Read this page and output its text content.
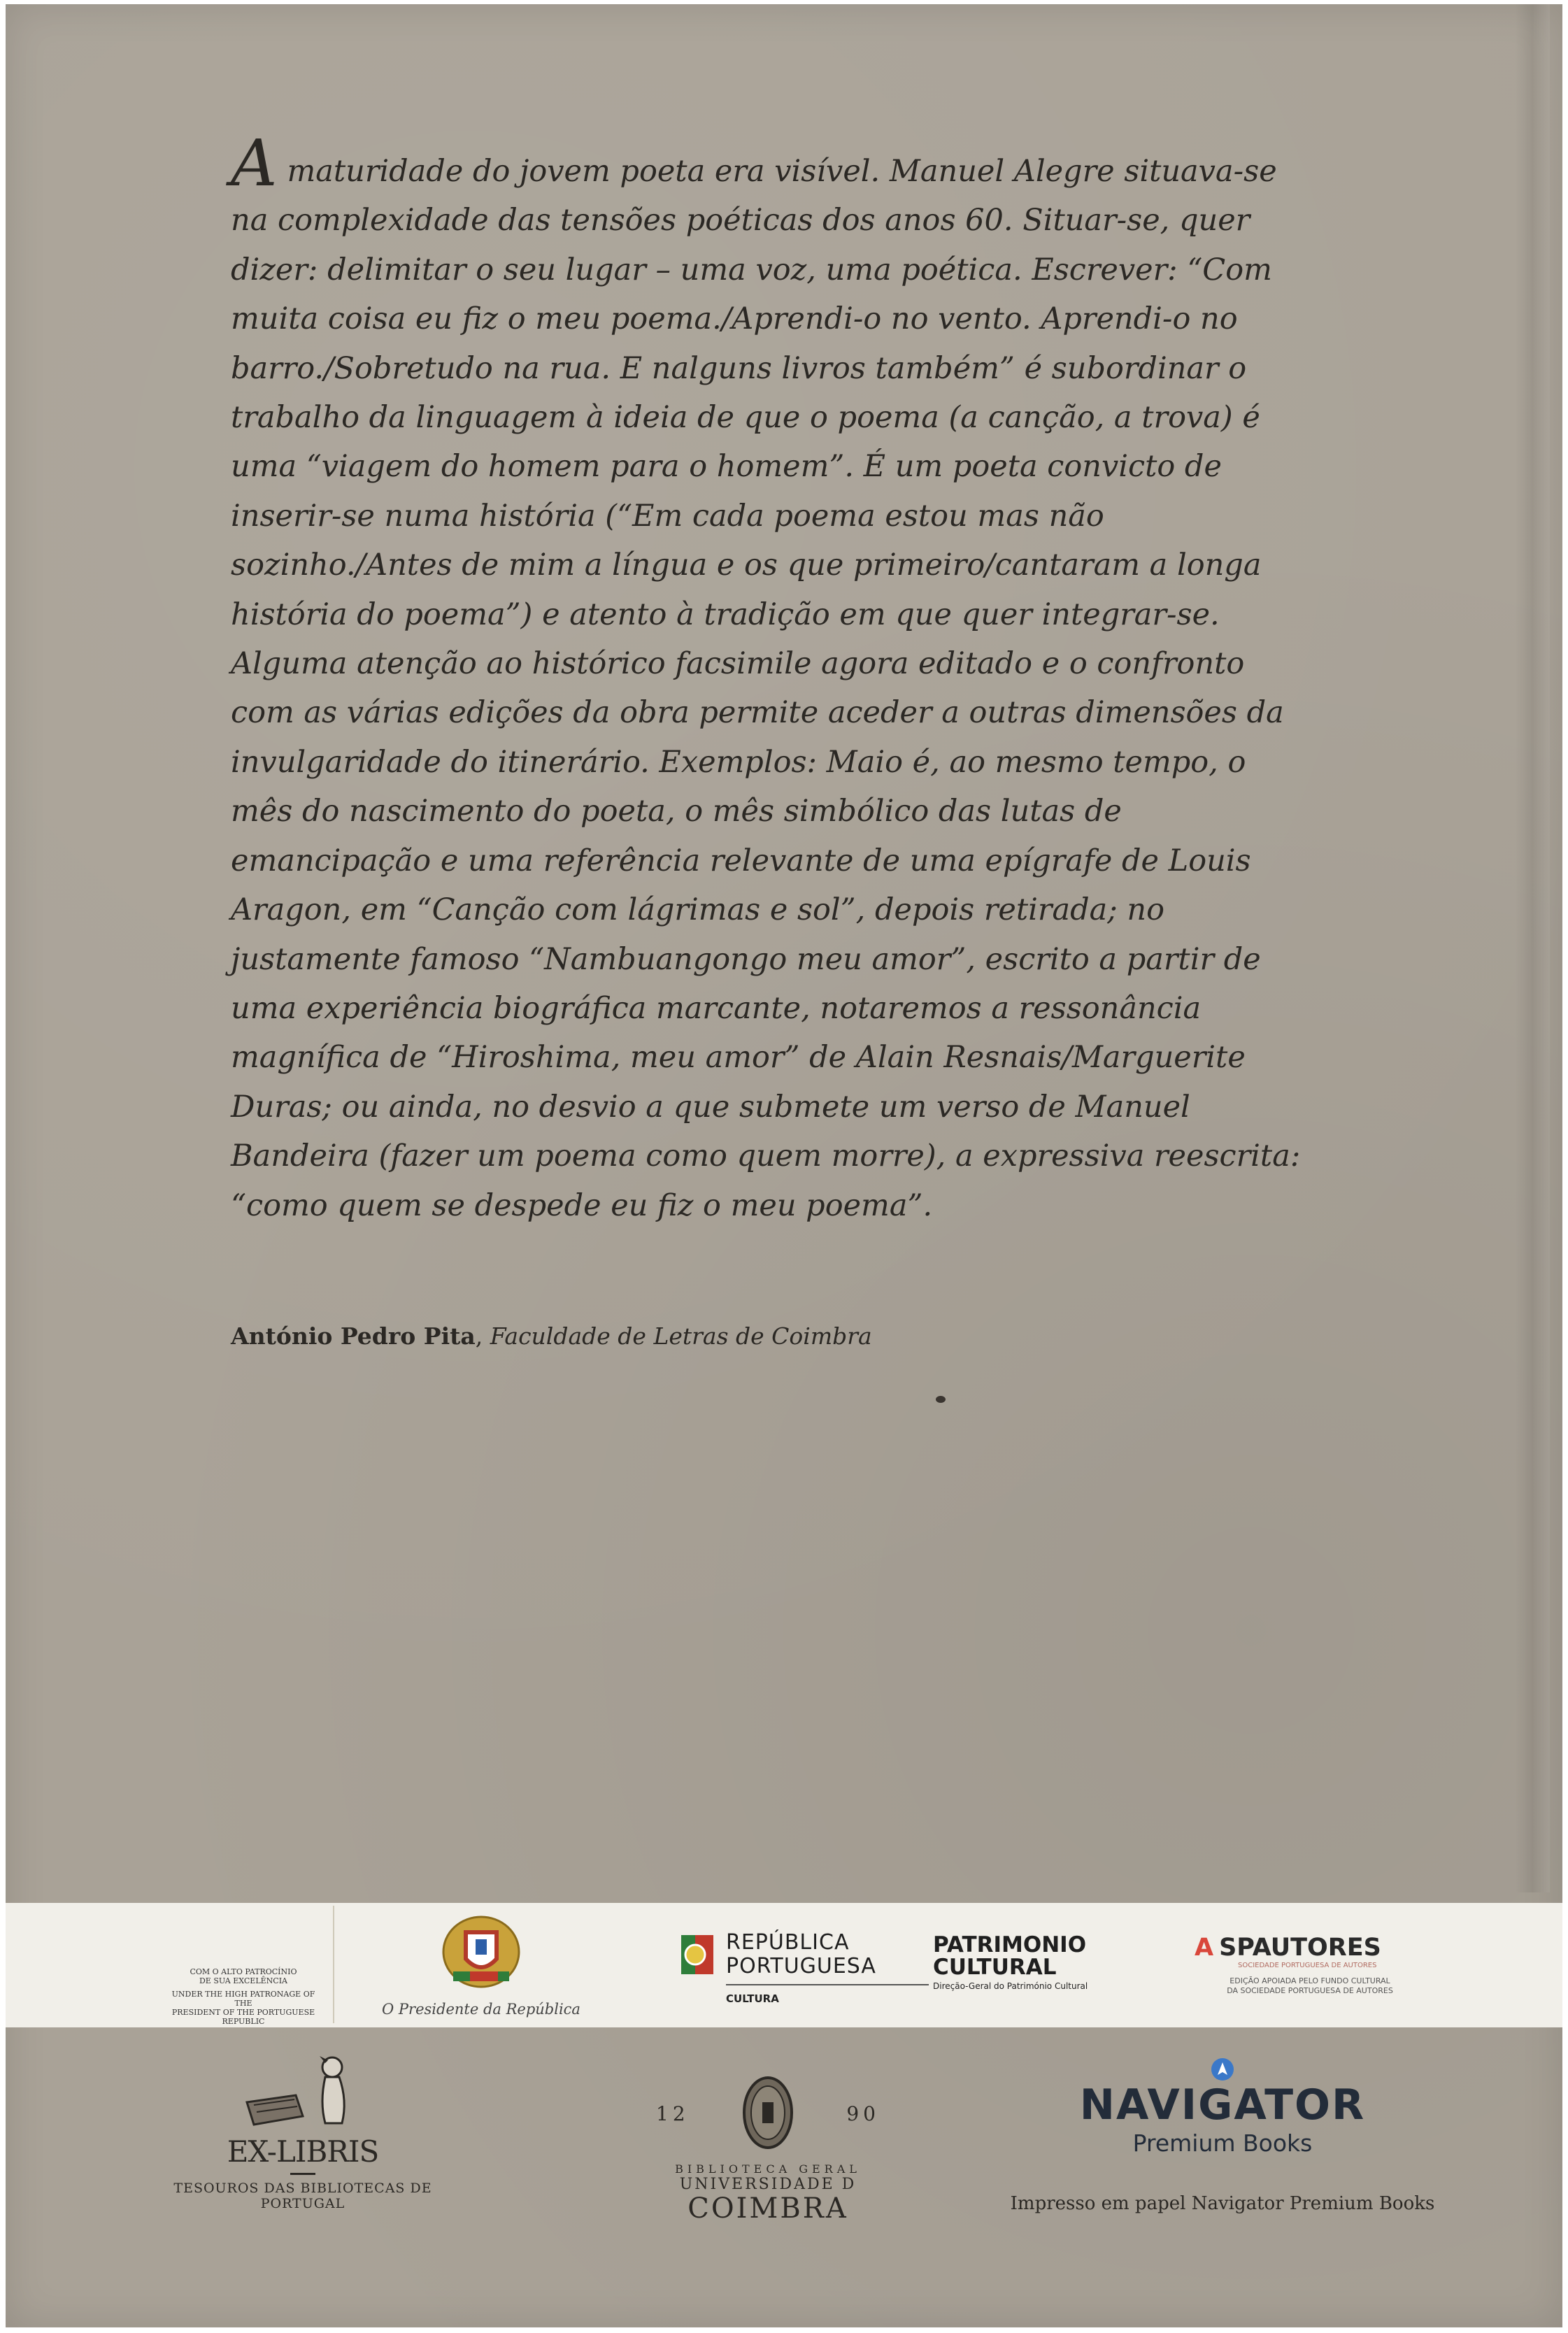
Amaturidade do jovem poeta era visível. Manuel Alegre situava-se
na complexidade das tensões poéticas dos anos 60. Situar-se, quer
dizer: delimitar o seu lugar – uma voz, uma poética. Escrever: “Com
muita coisa eu fiz o meu poema./Aprendi-o no vento. Aprendi-o no
barro./Sobretudo na rua. E nalguns livros também” é subordinar o
trabalho da linguagem à ideia de que o poema (a canção, a trova) é
uma “viagem do homem para o homem”. É um poeta convicto de
inserir-se numa história (“Em cada poema estou mas não
sozinho./Antes de mim a língua e os que primeiro/cantaram a longa
história do poema”) e atento à tradição em que quer integrar-se.
Alguma atenção ao histórico facsimile agora editado e o confronto
com as várias edições da obra permite aceder a outras dimensões da
invulgaridade do itinerário. Exemplos: Maio é, ao mesmo tempo, o
mês do nascimento do poeta, o mês simbólico das lutas de
emancipação e uma referência relevante de uma epígrafe de Louis
Aragon, em “Canção com lágrimas e sol”, depois retirada; no
justamente famoso “Nambuangongo meu amor”, escrito a partir de
uma experiência biográfica marcante, notaremos a ressonância
magnífica de “Hiroshima, meu amor” de Alain Resnais/Marguerite
Duras; ou ainda, no desvio a que submete um verso de Manuel
Bandeira (fazer um poema como quem morre), a expressiva reescrita:
“como quem se despede eu fiz o meu poema”.
António Pedro Pita, Faculdade de Letras de Coimbra
COM O ALTO PATROCÍNIO
DE SUA EXCELÊNCIA
UNDER THE HIGH PATRONAGE OF THE
PRESIDENT OF THE PORTUGUESE REPUBLIC
O Presidente da República
REPÚBLICA
PORTUGUESA
CULTURA
PATRIMONIO
CULTURAL
Direção-Geral do Património Cultural
A SPAUTORES
SOCIEDADE PORTUGUESA DE AUTORES
EDIÇÃO APOIADA PELO FUNDO CULTURAL
DA SOCIEDADE PORTUGUESA DE AUTORES
EX-LIBRIS
TESOUROS DAS BIBLIOTECAS DE PORTUGAL
12	90
BIBLIOTECA GERAL
UNIVERSIDADE D
COIMBRA
NAVIGATOR
Premium Books
Impresso em papel Navigator Premium Books
